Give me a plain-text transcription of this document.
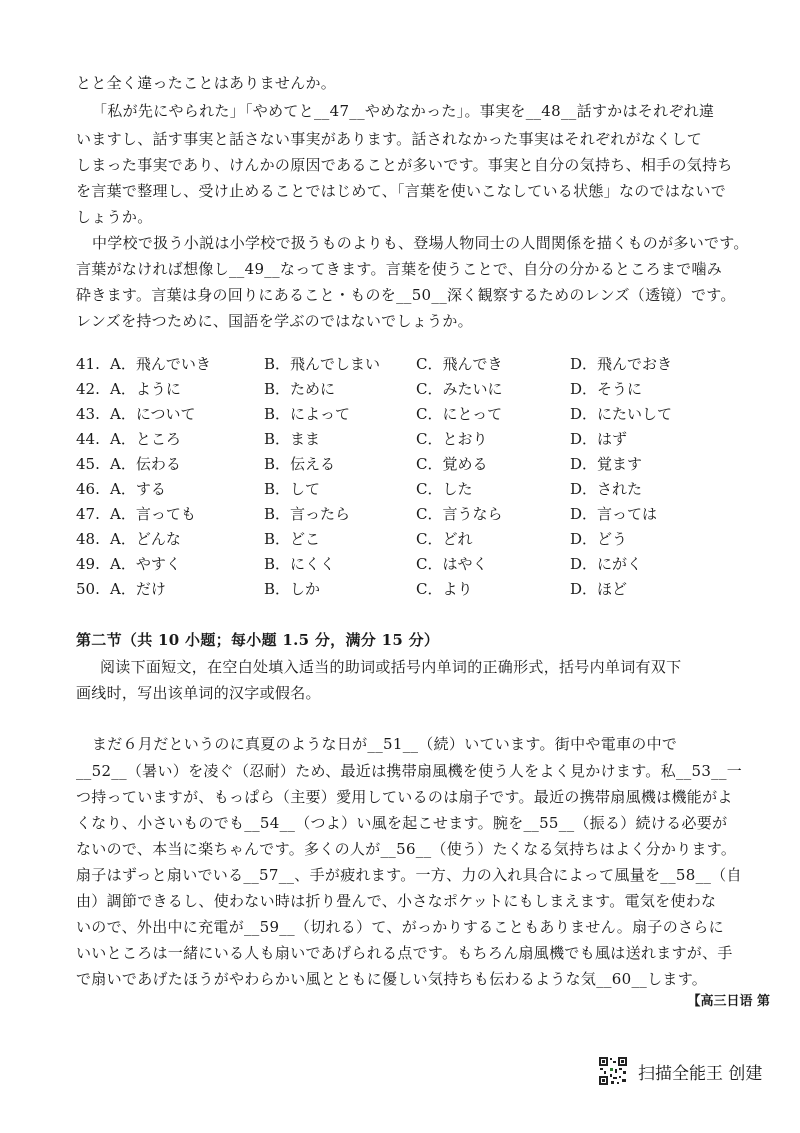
とと全く違ったことはありませんか。
「私が先にやられた」「やめてと__47__やめなかった」。事実を__48__話すかはそれぞれ違
いますし、話す事実と話さない事実があります。話されなかった事実はそれぞれがなくして
しまった事実であり、けんかの原因であることが多いです。事実と自分の気持ち、相手の気持ち
を言葉で整理し、受け止めることではじめて、「言葉を使いこなしている状態」なのではないで
しょうか。
中学校で扱う小説は小学校で扱うものよりも、登場人物同士の人間関係を描くものが多いです。
言葉がなければ想像し__49__なってきます。言葉を使うことで、自分の分かるところまで噛み
砕きます。言葉は身の回りにあること・ものを__50__深く観察するためのレンズ（透镜）です。
レンズを持つために、国語を学ぶのではないでしょうか。
41. A．飛んでいき	B．飛んでしまい C．飛んでき	D．飛んでおき
42. A．ように	B．ために	C．みたいに	D．そうに
43. A．について	B．によって	C．にとって	D．にたいして
44. A．ところ	B．まま	C．とおり	D．はず
45. A．伝わる	B．伝える	C．覚める	D．覚ます
46. A．する	B．して	C．した	D．された
47. A．言っても	B．言ったら	C．言うなら	D．言っては
48. A．どんな	B．どこ	C．どれ	D．どう
49. A．やすく	B．にくく	C．はやく	D．にがく
50. A．だけ	B．しか	C．より	D．ほど
第二节（共 10 小题；每小题 1.5 分，满分 15 分）
阅读下面短文，在空白处填入适当的助词或括号内单词的正确形式，括号内单词有双下
画线时，写出该单词的汉字或假名。
まだ６月だというのに真夏のような日が__51__（続）いています。街中や電車の中で
__52__（暑い）を凌ぐ（忍耐）ため、最近は携帯扇風機を使う人をよく見かけます。私__53__一
つ持っていますが、もっぱら（主要）愛用しているのは扇子です。最近の携帯扇風機は機能がよ
くなり、小さいものでも__54__（つよ）い風を起こせます。腕を__55__（振る）続ける必要が
ないので、本当に楽ちゃんです。多くの人が__56__（使う）たくなる気持ちはよく分かります。
扇子はずっと扇いでいる__57__、手が疲れます。一方、力の入れ具合によって風量を__58__（自
由）調節できるし、使わない時は折り畳んで、小さなポケットにもしまえます。電気を使わな
いので、外出中に充電が__59__（切れる）て、がっかりすることもありません。扇子のさらに
いいところは一緒にいる人も扇いであげられる点です。もちろん扇風機でも風は送れますが、手
で扇いであげたほうがやわらかい風とともに優しい気持ちも伝わるような気__60__します。
【高三日语 第
扫描全能王 创建
